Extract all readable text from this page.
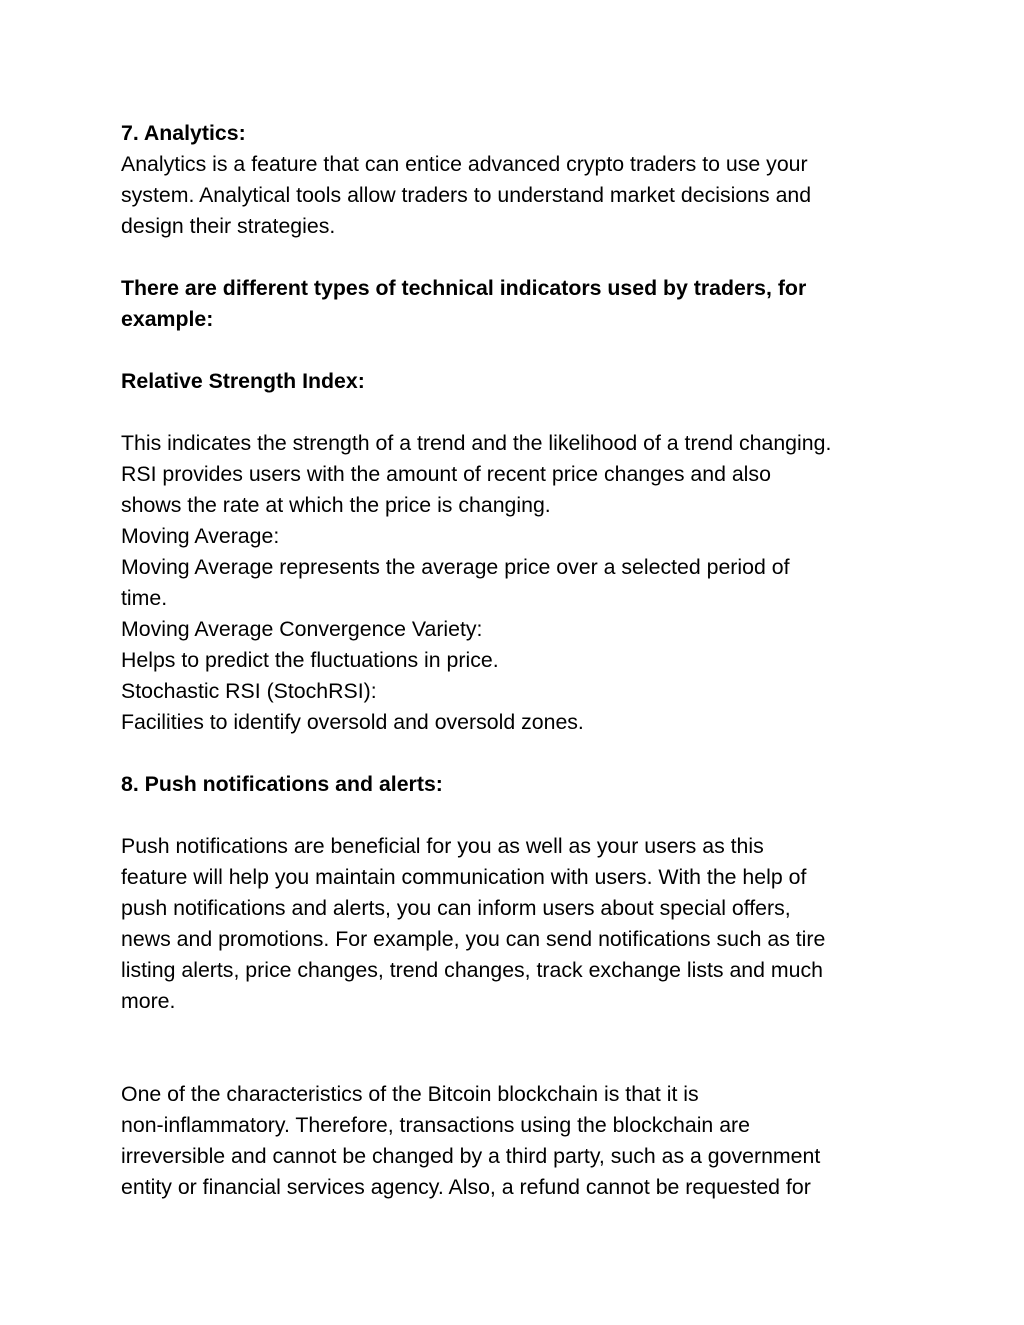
7. Analytics:
Analytics is a feature that can entice advanced crypto traders to use your
system. Analytical tools allow traders to understand market decisions and
design their strategies.
There are different types of technical indicators used by traders, for
example:
Relative Strength Index:
This indicates the strength of a trend and the likelihood of a trend changing.
RSI provides users with the amount of recent price changes and also
shows the rate at which the price is changing.
Moving Average:
Moving Average represents the average price over a selected period of
time.
Moving Average Convergence Variety:
Helps to predict the fluctuations in price.
Stochastic RSI (StochRSI):
Facilities to identify oversold and oversold zones.
8. Push notifications and alerts:
Push notifications are beneficial for you as well as your users as this
feature will help you maintain communication with users. With the help of
push notifications and alerts, you can inform users about special offers,
news and promotions. For example, you can send notifications such as tire
listing alerts, price changes, trend changes, track exchange lists and much
more.
One of the characteristics of the Bitcoin blockchain is that it is
non-inflammatory. Therefore, transactions using the blockchain are
irreversible and cannot be changed by a third party, such as a government
entity or financial services agency. Also, a refund cannot be requested for
